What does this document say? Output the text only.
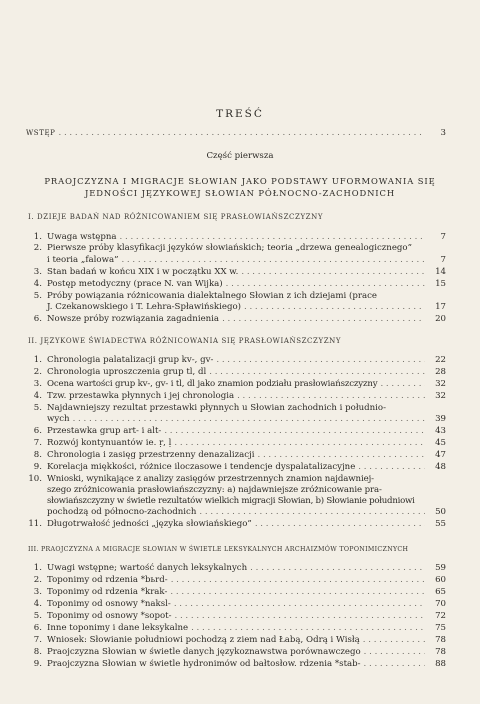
TREŚĆ
WSTĘP . . .	3
Część pierwsza
PRAOJCZYZNA I MIGRACJE SŁOWIAN JAKO PODSTAWY UFORMOWANIA SIĘ
JEDNOŚCI JĘZYKOWEJ SŁOWIAN PÓŁNOCNO-ZACHODNICH
I. DZIEJE BADAŃ NAD RÓŻNICOWANIEM SIĘ PRASŁOWIAŃSZCZYZNY
1. Uwaga wstępna . . .	7
2. Pierwsze próby klasyfikacji języków słowiańskich; teoria „drzewa genealogicznego”
i teoria „falowa” . . .	7
3. Stan badań w końcu XIX i w początku XX w. . . .	14
4. Postęp metodyczny (prace N. van Wijka) . . .	15
5. Próby powiązania różnicowania dialektalnego Słowian z ich dziejami (prace
J. Czekanowskiego i T. Lehra-Spławińskiego) . . .	17
6. Nowsze próby rozwiązania zagadnienia . . .	20
II. JĘZYKOWE ŚWIADECTWA RÓŻNICOWANIA SIĘ PRASŁOWIAŃSZCZYZNY
1. Chronologia palatalizacji grup kv-, gv- . . .	22
2. Chronologia uproszczenia grup tl, dl . . .	28
3. Ocena wartości grup kv-, gv- i tl, dl jako znamion podziału prasłowiańszczyzny . . .	32
4. Tzw. przestawka płynnych i jej chronologia . . .	32
5. Najdawniejszy rezultat przestawki płynnych u Słowian zachodnich i południo-
wych . . .	39
6. Przestawka grup art- i alt- . . .	43
7. Rozwój kontynuantów ie. ṛ, ḷ . . .	45
8. Chronologia i zasięg przestrzenny denazalizacji . . .	47
9. Korelacja miękkości, różnice iloczasowe i tendencje dyspalatalizacyjne . . .	48
10. Wnioski, wynikające z analizy zasięgów przestrzennych znamion najdawniej-
szego zróżnicowania prasłowiańszczyzny: a) najdawniejsze zróżnicowanie pra-
słowiańszczyzny w świetle rezultatów wielkich migracji Słowian, b) Słowianie południowi
pochodzą od północno-zachodnich . . .	50
11. Długotrwałość jedności „języka słowiańskiego” . . .	55
III. PRAOJCZYZNA A MIGRACJE SŁOWIAN W ŚWIETLE LEKSYKALNYCH ARCHAIZMÓW TOPONIMICZNYCH
1. Uwagi wstępne; wartość danych leksykalnych . . .	59
2. Toponimy od rdzenia *bьrd- . . .	60
3. Toponimy od rdzenia *krak- . . .	65
4. Toponimy od osnowy *naksl- . . .	70
5. Toponimy od osnowy *sopot- . . .	72
6. Inne toponimy i dane leksykalne . . .	75
7. Wniosek: Słowianie południowi pochodzą z ziem nad Łabą, Odrą i Wisłą . . .	78
8. Praojczyzna Słowian w świetle danych językoznawstwa porównawczego . . .	78
9. Praojczyzna Słowian w świetle hydronimów od bałtosłow. rdzenia *stab- . . .	88
